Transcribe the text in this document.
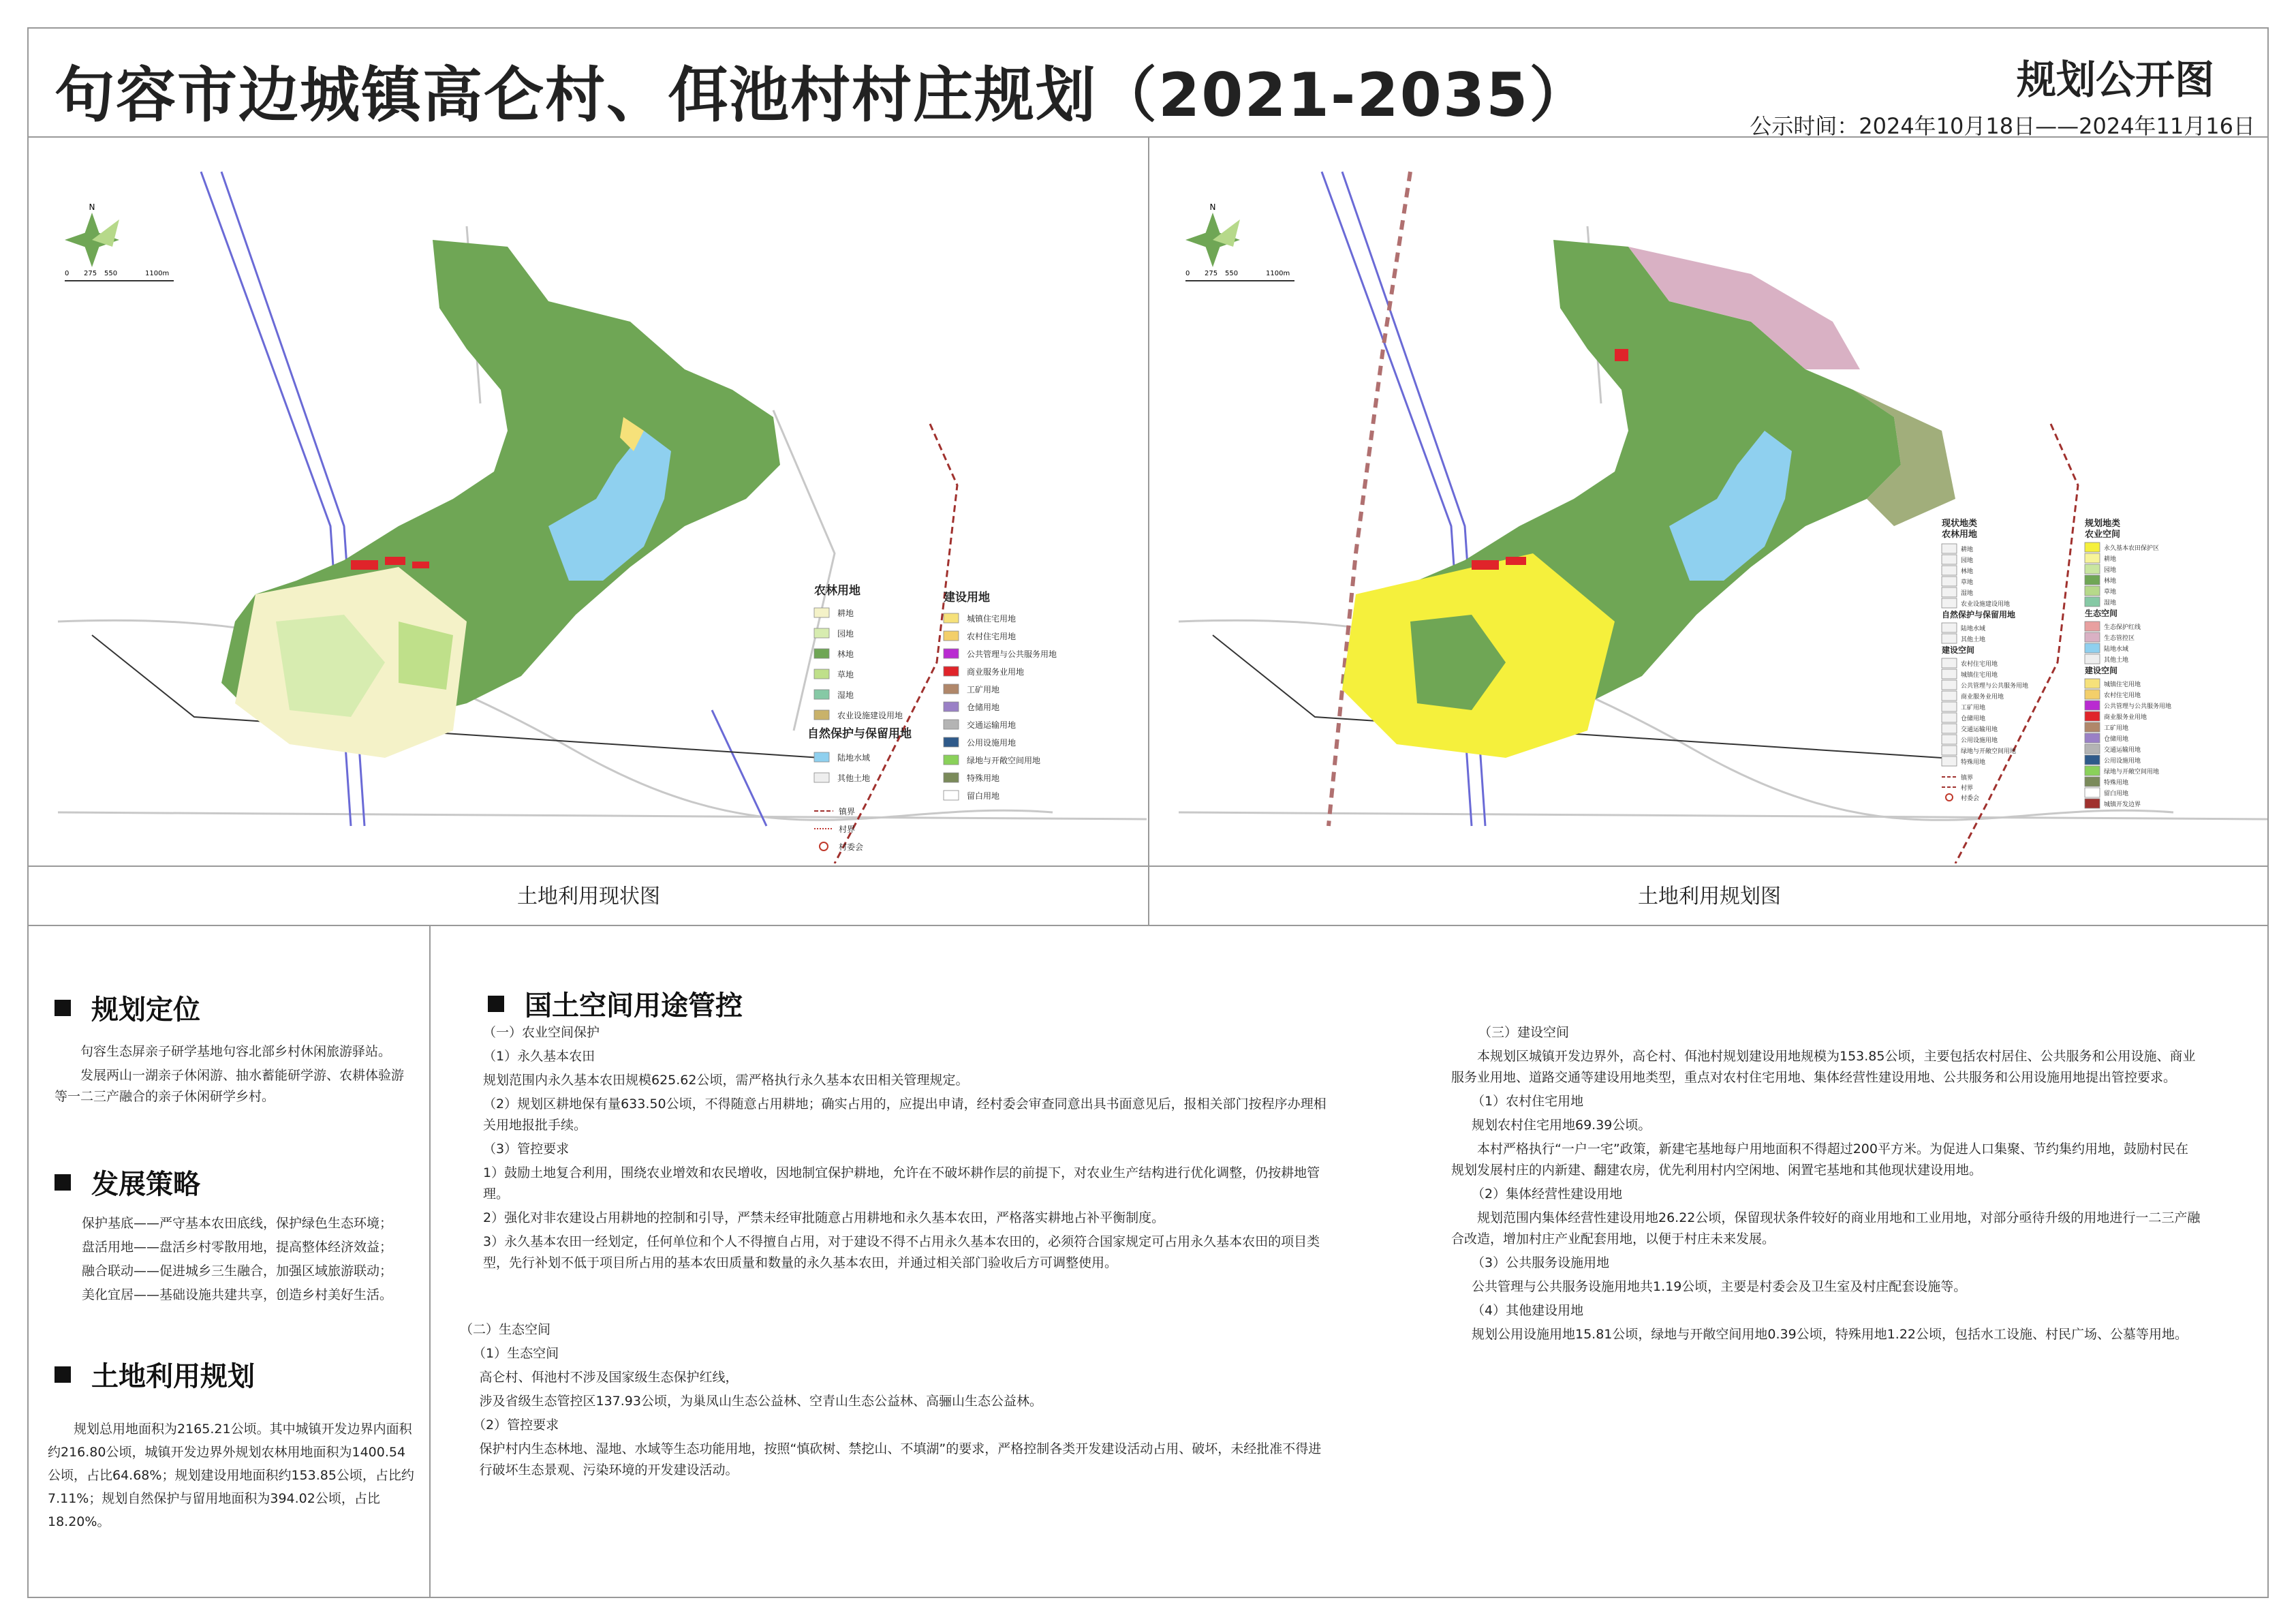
句容市边城镇高仑村、佴池村村庄规划（2021-2035）	规划公开图
公示时间：2024年10月18日——2024年11月16日
N
0 275 550	1100m
农林用地
耕地
园地
林地
草地
湿地
农业设施建设用地
自然保护与保留用地
陆地水域
其他土地
镇界
村界
村委会
建设用地
城镇住宅用地
农村住宅用地
公共管理与公共服务用地
商业服务业用地
工矿用地
仓储用地
交通运输用地
公用设施用地
绿地与开敞空间用地
特殊用地
留白用地
N
0 275 550	1100m
现状地类
农林用地
耕地
园地
林地
草地
湿地
农业设施建设用地
自然保护与保留用地
陆地水域
其他土地
建设空间
农村住宅用地
城镇住宅用地
公共管理与公共服务用地
商业服务业用地
工矿用地
仓储用地
交通运输用地
公用设施用地
绿地与开敞空间用地
特殊用地
镇界
村界
村委会
规划地类
农业空间
永久基本农田保护区
耕地
园地
林地
草地
湿地
生态空间
生态保护红线
生态管控区
陆地水域
其他土地
建设空间
城镇住宅用地
农村住宅用地
公共管理与公共服务用地
商业服务业用地
工矿用地
仓储用地
交通运输用地
公用设施用地
绿地与开敞空间用地
特殊用地
留白用地
城镇开发边界
土地利用现状图	土地利用规划图
规划定位

句容生态屏亲子研学基地句容北部乡村休闲旅游驿站。

发展两山一湖亲子休闲游、抽水蓄能研学游、农耕体验游等一二三产融合的亲子休闲研学乡村。

发展策略

保护基底——严守基本农田底线，保护绿色生态环境；

盘活用地——盘活乡村零散用地，提高整体经济效益；

融合联动——促进城乡三生融合，加强区域旅游联动；

美化宜居——基础设施共建共享，创造乡村美好生活。

土地利用规划

规划总用地面积为2165.21公顷。其中城镇开发边界内面积约216.80公顷，城镇开发边界外规划农林用地面积为1400.54公顷，占比64.68%；规划建设用地面积约153.85公顷，占比约7.11%；规划自然保护与留用地面积为394.02公顷，占比18.20%。

国土空间用途管控

（一）农业空间保护

（1）永久基本农田

规划范围内永久基本农田规模625.62公顷，需严格执行永久基本农田相关管理规定。

（2）规划区耕地保有量633.50公顷，不得随意占用耕地；确实占用的，应提出申请，经村委会审查同意出具书面意见后，报相关部门按程序办理相关用地报批手续。

（3）管控要求

1）鼓励土地复合利用，围绕农业增效和农民增收，因地制宜保护耕地，允许在不破坏耕作层的前提下，对农业生产结构进行优化调整，仍按耕地管理。

2）强化对非农建设占用耕地的控制和引导，严禁未经审批随意占用耕地和永久基本农田，严格落实耕地占补平衡制度。

3）永久基本农田一经划定，任何单位和个人不得擅自占用，对于建设不得不占用永久基本农田的，必须符合国家规定可占用永久基本农田的项目类型，先行补划不低于项目所占用的基本农田质量和数量的永久基本农田，并通过相关部门验收后方可调整使用。

（二）生态空间

（1）生态空间

高仑村、佴池村不涉及国家级生态保护红线，

涉及省级生态管控区137.93公顷，为巢凤山生态公益林、空青山生态公益林、高骊山生态公益林。

（2）管控要求

保护村内生态林地、湿地、水域等生态功能用地，按照“慎砍树、禁挖山、不填湖”的要求，严格控制各类开发建设活动占用、破坏，未经批准不得进行破坏生态景观、污染环境的开发建设活动。

（三）建设空间

本规划区城镇开发边界外，高仑村、佴池村规划建设用地规模为153.85公顷，主要包括农村居住、公共服务和公用设施、商业服务业用地、道路交通等建设用地类型，重点对农村住宅用地、集体经营性建设用地、公共服务和公用设施用地提出管控要求。

（1）农村住宅用地

规划农村住宅用地69.39公顷。

本村严格执行“一户一宅”政策，新建宅基地每户用地面积不得超过200平方米。为促进人口集聚、节约集约用地，鼓励村民在规划发展村庄的内新建、翻建农房，优先利用村内空闲地、闲置宅基地和其他现状建设用地。

（2）集体经营性建设用地

规划范围内集体经营性建设用地26.22公顷，保留现状条件较好的商业用地和工业用地，对部分亟待升级的用地进行一二三产融合改造，增加村庄产业配套用地，以便于村庄未来发展。

（3）公共服务设施用地

公共管理与公共服务设施用地共1.19公顷，主要是村委会及卫生室及村庄配套设施等。

（4）其他建设用地

规划公用设施用地15.81公顷，绿地与开敞空间用地0.39公顷，特殊用地1.22公顷，包括水工设施、村民广场、公墓等用地。
